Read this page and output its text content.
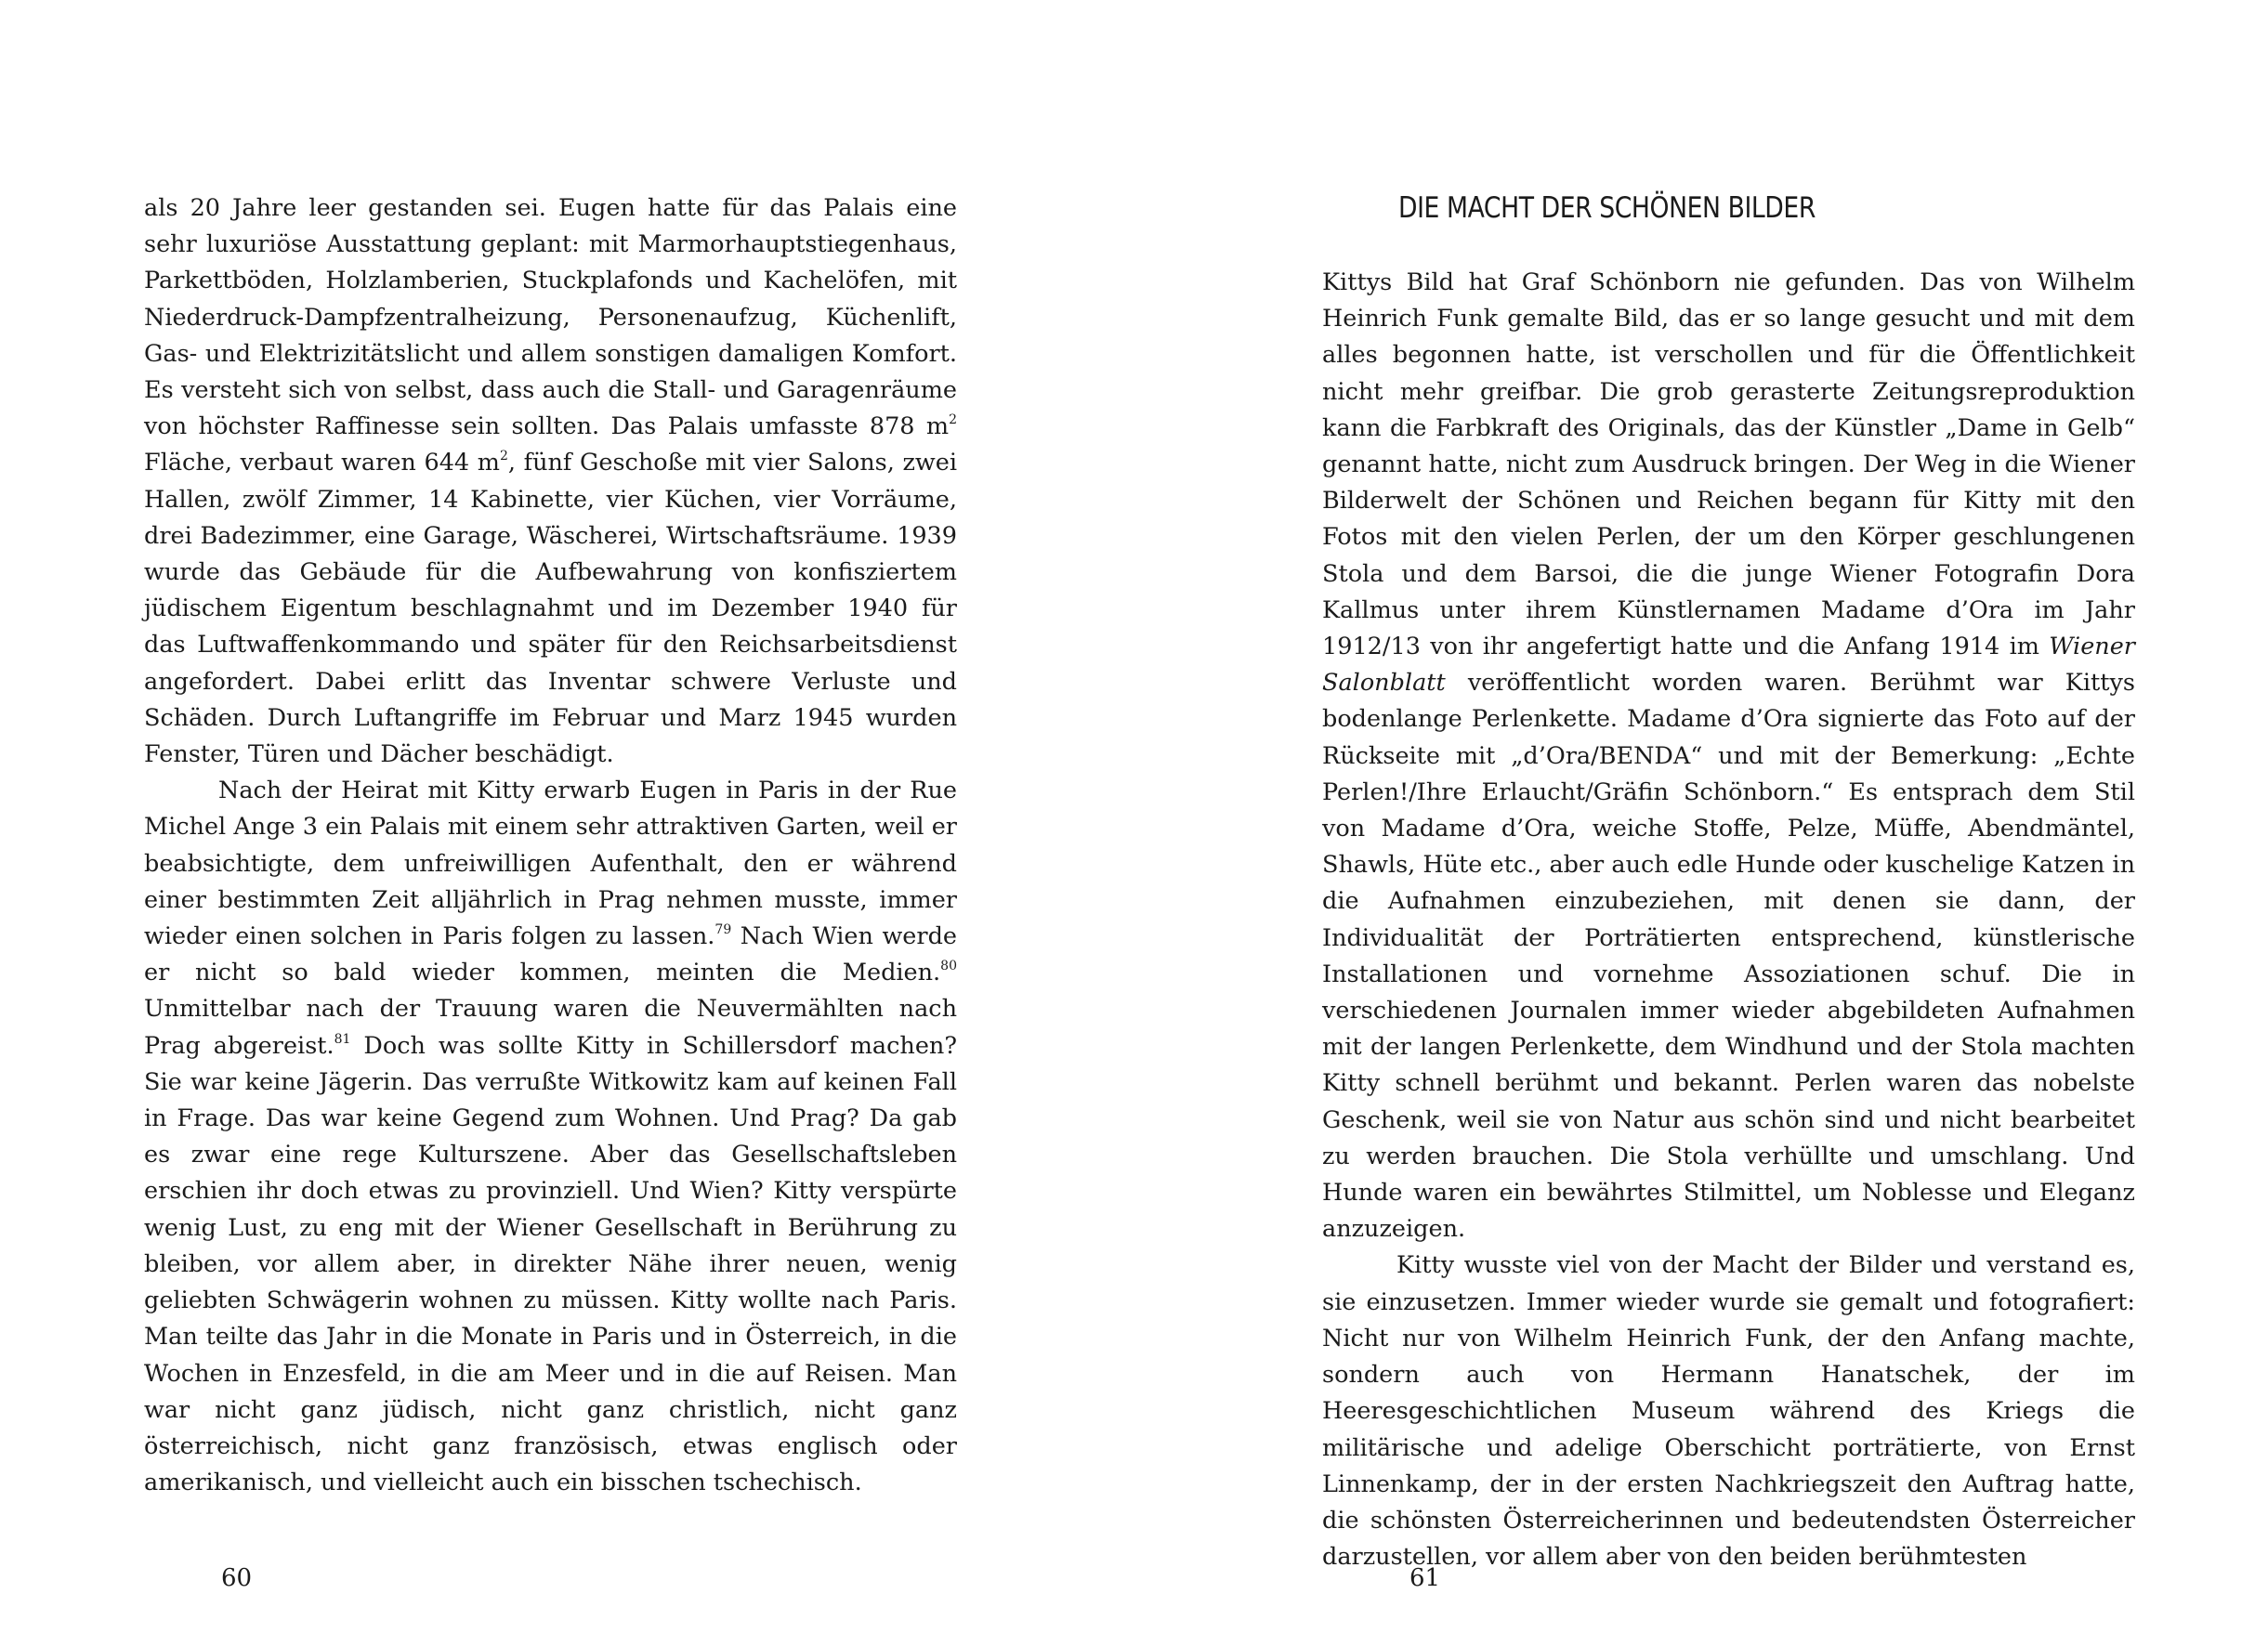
als 20 Jahre leer gestanden sei. Eugen hatte für das Palais eine sehr luxuriöse Ausstattung geplant: mit Marmorhauptstiegenhaus, Parkettböden, Holzlamberien, Stuckplafonds und Kachelöfen, mit Niederdruck-Dampfzentralheizung, Personenaufzug, Küchenlift, Gas- und Elektrizitätslicht und allem sonstigen damaligen Komfort. Es versteht sich von selbst, dass auch die Stall- und Garagenräume von höchster Raffinesse sein sollten. Das Palais umfasste 878 $m^2$ Fläche, verbaut waren 644 $m^2$, fünf Geschoße mit vier Salons, zwei Hallen, zwölf Zimmer, 14 Kabinette, vier Küchen, vier Vorräume, drei Badezimmer, eine Garage, Wäscherei, Wirtschaftsräume. 1939 wurde das Gebäude für die Aufbewahrung von konfisziertem jüdischem Eigentum beschlagnahmt und im Dezember 1940 für das Luftwaffenkommando und später für den Reichsarbeitsdienst angefordert. Dabei erlitt das Inventar schwere Verluste und Schäden. Durch Luftangriffe im Februar und Marz 1945 wurden Fenster, Türen und Dächer beschädigt.

Nach der Heirat mit Kitty erwarb Eugen in Paris in der Rue Michel Ange 3 ein Palais mit einem sehr attraktiven Garten, weil er beabsichtigte, dem unfreiwilligen Aufenthalt, den er während einer bestimmten Zeit alljährlich in Prag nehmen musste, immer wieder einen solchen in Paris folgen zu lassen.$^{79}$ Nach Wien werde er nicht so bald wieder kommen, meinten die Medien.$^{80}$ Unmittelbar nach der Trauung waren die Neuvermählten nach Prag abgereist.$^{81}$ Doch was sollte Kitty in Schillersdorf machen? Sie war keine Jägerin. Das verrußte Witkowitz kam auf keinen Fall in Frage. Das war keine Gegend zum Wohnen. Und Prag? Da gab es zwar eine rege Kulturszene. Aber das Gesellschaftsleben erschien ihr doch etwas zu provinziell. Und Wien? Kitty verspürte wenig Lust, zu eng mit der Wiener Gesellschaft in Berührung zu bleiben, vor allem aber, in direkter Nähe ihrer neuen, wenig geliebten Schwägerin wohnen zu müssen. Kitty wollte nach Paris. Man teilte das Jahr in die Monate in Paris und in Österreich, in die Wochen in Enzesfeld, in die am Meer und in die auf Reisen. Man war nicht ganz jüdisch, nicht ganz christlich, nicht ganz österreichisch, nicht ganz französisch, etwas englisch oder amerikanisch, und vielleicht auch ein bisschen tschechisch.

60
DIE MACHT DER SCHÖNEN BILDER

Kittys Bild hat Graf Schönborn nie gefunden. Das von Wilhelm Heinrich Funk gemalte Bild, das er so lange gesucht und mit dem alles begonnen hatte, ist verschollen und für die Öffentlichkeit nicht mehr greifbar. Die grob gerasterte Zeitungsreproduktion kann die Farbkraft des Originals, das der Künstler „Dame in Gelb“ genannt hatte, nicht zum Ausdruck bringen. Der Weg in die Wiener Bilderwelt der Schönen und Reichen begann für Kitty mit den Fotos mit den vielen Perlen, der um den Körper geschlungenen Stola und dem Barsoi, die die junge Wiener Fotografin Dora Kallmus unter ihrem Künstlernamen Madame d’Ora im Jahr 1912/13 von ihr angefertigt hatte und die Anfang 1914 im Wiener Salonblatt veröffentlicht worden waren. Berühmt war Kittys bodenlange Perlenkette. Madame d’Ora signierte das Foto auf der Rückseite mit „d’Ora/BENDA“ und mit der Bemerkung: „Echte Perlen!/Ihre Erlaucht/Gräfin Schönborn.“ Es entsprach dem Stil von Madame d’Ora, weiche Stoffe, Pelze, Müffe, Abendmäntel, Shawls, Hüte etc., aber auch edle Hunde oder kuschelige Katzen in die Aufnahmen einzubeziehen, mit denen sie dann, der Individualität der Porträtierten entsprechend, künstlerische Installationen und vornehme Assoziationen schuf. Die in verschiedenen Journalen immer wieder abgebildeten Aufnahmen mit der langen Perlenkette, dem Windhund und der Stola machten Kitty schnell berühmt und bekannt. Perlen waren das nobelste Geschenk, weil sie von Natur aus schön sind und nicht bearbeitet zu werden brauchen. Die Stola verhüllte und umschlang. Und Hunde waren ein bewährtes Stilmittel, um Noblesse und Eleganz anzuzeigen.

Kitty wusste viel von der Macht der Bilder und verstand es, sie einzusetzen. Immer wieder wurde sie gemalt und fotografiert: Nicht nur von Wilhelm Heinrich Funk, der den Anfang machte, sondern auch von Hermann Hanatschek, der im Heeresgeschichtlichen Museum während des Kriegs die militärische und adelige Oberschicht porträtierte, von Ernst Linnenkamp, der in der ersten Nachkriegszeit den Auftrag hatte, die schönsten Österreicherinnen und bedeutendsten Österreicher darzustellen, vor allem aber von den beiden berühmtesten

61
